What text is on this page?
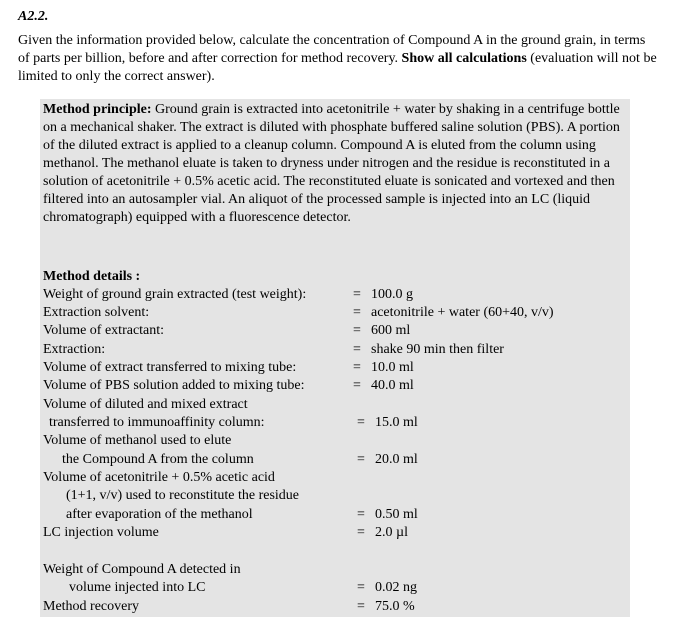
A2.2.
Given the information provided below, calculate the concentration of Compound A in the ground grain, in terms of parts per billion, before and after correction for method recovery. Show all calculations (evaluation will not be limited to only the correct answer).
Method principle: Ground grain is extracted into acetonitrile + water by shaking in a centrifuge bottle on a mechanical shaker. The extract is diluted with phosphate buffered saline solution (PBS). A portion of the diluted extract is applied to a cleanup column. Compound A is eluted from the column using methanol. The methanol eluate is taken to dryness under nitrogen and the residue is reconstituted in a solution of acetonitrile + 0.5% acetic acid. The reconstituted eluate is sonicated and vortexed and then filtered into an autosampler vial. An aliquot of the processed sample is injected into an LC (liquid chromatograph) equipped with a fluorescence detector.
Method details :
Weight of ground grain extracted (test weight):
Extraction solvent:
Volume of extractant:
Extraction:
Volume of extract transferred to mixing tube:
Volume of PBS solution added to mixing tube:
Volume of diluted and mixed extract
transferred to immunoaffinity column:
Volume of methanol used to elute
the Compound A from the column
Volume of acetonitrile + 0.5% acetic acid
(1+1, v/v) used to reconstitute the residue
after evaporation of the methanol
LC injection volume
Weight of Compound A detected in
volume injected into LC
Method recovery
=
=
=
=
=
=
=
=
=
=
=
=
100.0 g
acetonitrile + water (60+40, v/v)
600 ml
shake 90 min then filter
10.0 ml
40.0 ml
15.0 ml
20.0 ml
0.50 ml
2.0 µl
0.02 ng
75.0 %
